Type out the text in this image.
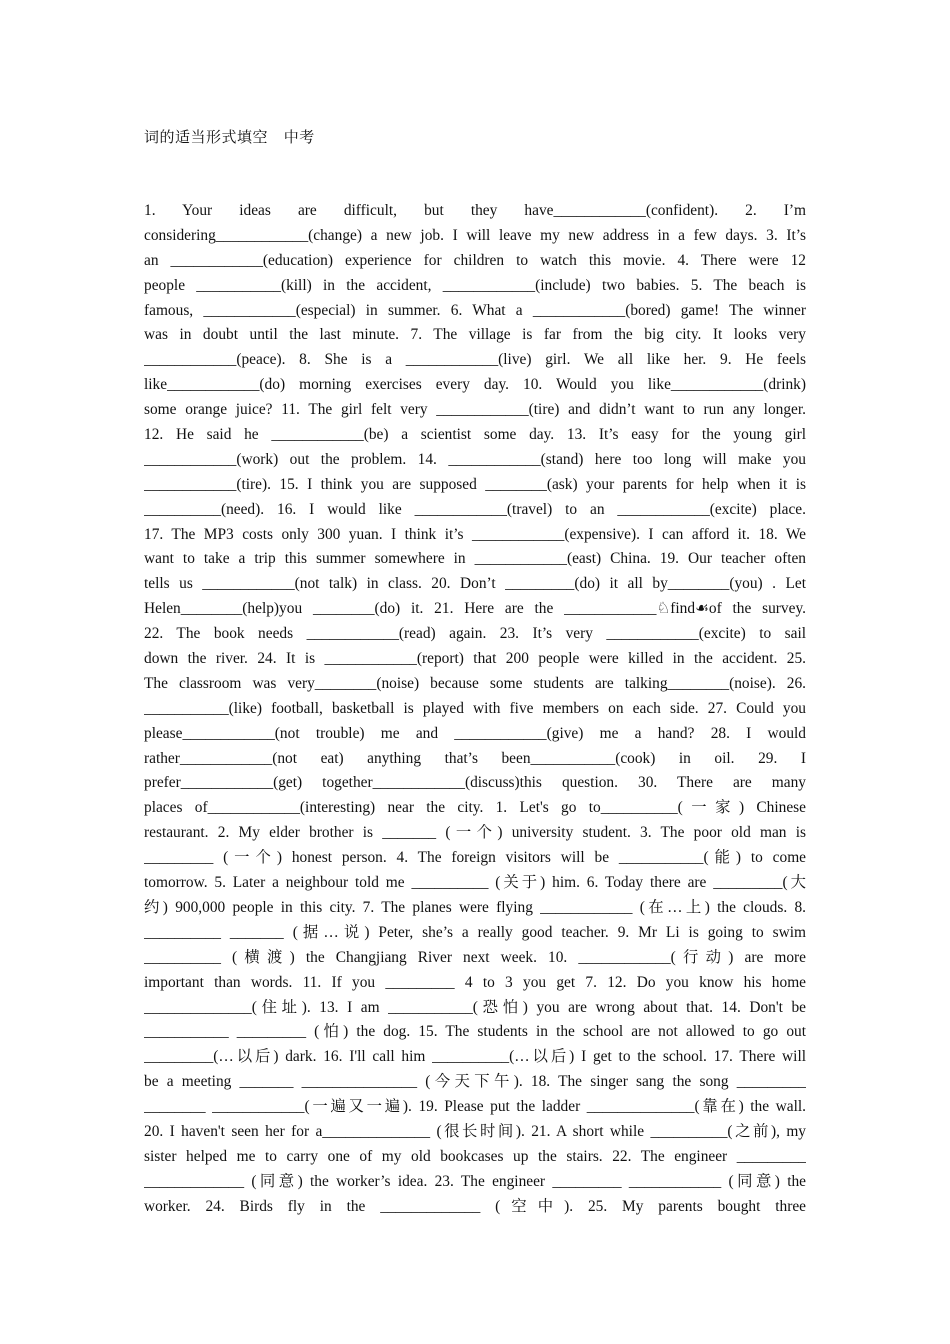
词的适当形式填空   中考
1. Your ideas are difficult, but they have____________(confident). 2. I’m
considering____________(change) a new job. I will leave my new address in a few days. 3. It’s
an ____________(education) experience for children to watch this movie. 4. There were 12
people ___________(kill) in the accident, ____________(include) two babies. 5. The beach is
famous, ____________(especial) in summer. 6. What a ____________(bored) game! The winner
was in doubt until the last minute. 7. The village is far from the big city. It looks very
____________(peace). 8. She is a ____________(live) girl. We all like her. 9. He feels
like____________(do) morning exercises every day. 10. Would you like____________(drink)
some orange juice? 11. The girl felt very ____________(tire) and didn’t want to run any longer.
12. He said he ____________(be) a scientist some day. 13. It’s easy for the young girl
____________(work) out the problem. 14. ____________(stand) here too long will make you
____________(tire). 15. I think you are supposed ________(ask) your parents for help when it is
__________(need). 16. I would like ____________(travel) to an ____________(excite) place.
17. The MP3 costs only 300 yuan. I think it’s ____________(expensive). I can afford it. 18. We
want to take a trip this summer somewhere in ____________(east) China. 19. Our teacher often
tells us ____________(not talk) in class. 20. Don’t _________(do) it all by________(you) . Let
Helen________(help)you ________(do) it. 21. Here are the ____________♘find☙of the survey.
22. The book needs ____________(read) again. 23. It’s very ____________(excite) to sail
down the river. 24. It is ____________(report) that 200 people were killed in the accident. 25.
The classroom was very________(noise) because some students are talking________(noise). 26.
___________(like) football, basketball is played with five members on each side. 27. Could you
please____________(not trouble) me and ____________(give) me a hand? 28. I would
rather____________(not eat) anything that’s been___________(cook) in oil. 29. I
prefer____________(get) together____________(discuss)this question. 30. There are many
places of____________(interesting) near the city. 1. Let's go to__________(一家) Chinese
restaurant. 2. My elder brother is _______ (一个) university student. 3. The poor old man is
_________ (一个) honest person. 4. The foreign visitors will be ___________(能) to come
tomorrow. 5. Later a neighbour told me __________ (关于) him. 6. Today there are _________(大
约) 900,000 people in this city. 7. The planes were flying ____________ (在…上) the clouds. 8.
__________ _______ (据…说) Peter, she’s a really good teacher. 9. Mr Li is going to swim
__________ (横渡) the Changjiang River next week. 10. ____________(行动) are more
important than words. 11. If you _________ 4 to 3 you get 7. 12. Do you know his home
______________(住址). 13. I am ___________(恐怕) you are wrong about that. 14. Don't be
___________ _________ (怕) the dog. 15. The students in the school are not allowed to go out
_________(…以后) dark. 16. I'll call him __________(…以后) I get to the school. 17. There will
be a meeting _______ _______________ (今天下午). 18. The singer sang the song _________
________ ____________(一遍又一遍). 19. Please put the ladder ______________(靠在) the wall.
20. I haven't seen her for a______________ (很长时间). 21. A short while __________(之前), my
sister helped me to carry one of my old bookcases up the stairs. 22. The engineer _________
_____________ (同意) the worker’s idea. 23. The engineer _________ ____________ (同意) the
worker. 24. Birds fly in the _____________ (空中). 25. My parents bought three
